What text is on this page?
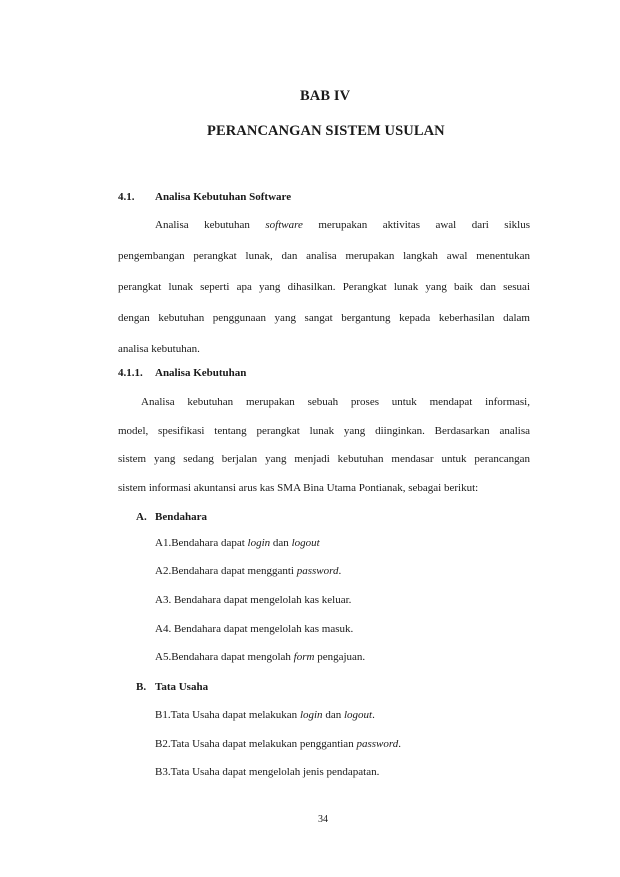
BAB IV
PERANCANGAN SISTEM USULAN
4.1. Analisa Kebutuhan Software
Analisa kebutuhan software merupakan aktivitas awal dari siklus
pengembangan perangkat lunak, dan analisa merupakan langkah awal menentukan
perangkat lunak seperti apa yang dihasilkan. Perangkat lunak yang baik dan sesuai
dengan kebutuhan penggunaan yang sangat bergantung kepada keberhasilan dalam
analisa kebutuhan.
4.1.1. Analisa Kebutuhan
Analisa kebutuhan merupakan sebuah proses untuk mendapat informasi,
model, spesifikasi tentang perangkat lunak yang diinginkan. Berdasarkan analisa
sistem yang sedang berjalan yang menjadi kebutuhan mendasar untuk perancangan
sistem informasi akuntansi arus kas SMA Bina Utama Pontianak, sebagai berikut:
A. Bendahara
A1.Bendahara dapat login dan logout
A2.Bendahara dapat mengganti password.
A3. Bendahara dapat mengelolah kas keluar.
A4. Bendahara dapat mengelolah kas masuk.
A5.Bendahara dapat mengolah form pengajuan.
B. Tata Usaha
B1.Tata Usaha dapat melakukan login dan logout.
B2.Tata Usaha dapat melakukan penggantian password.
B3.Tata Usaha dapat mengelolah jenis pendapatan.
34
